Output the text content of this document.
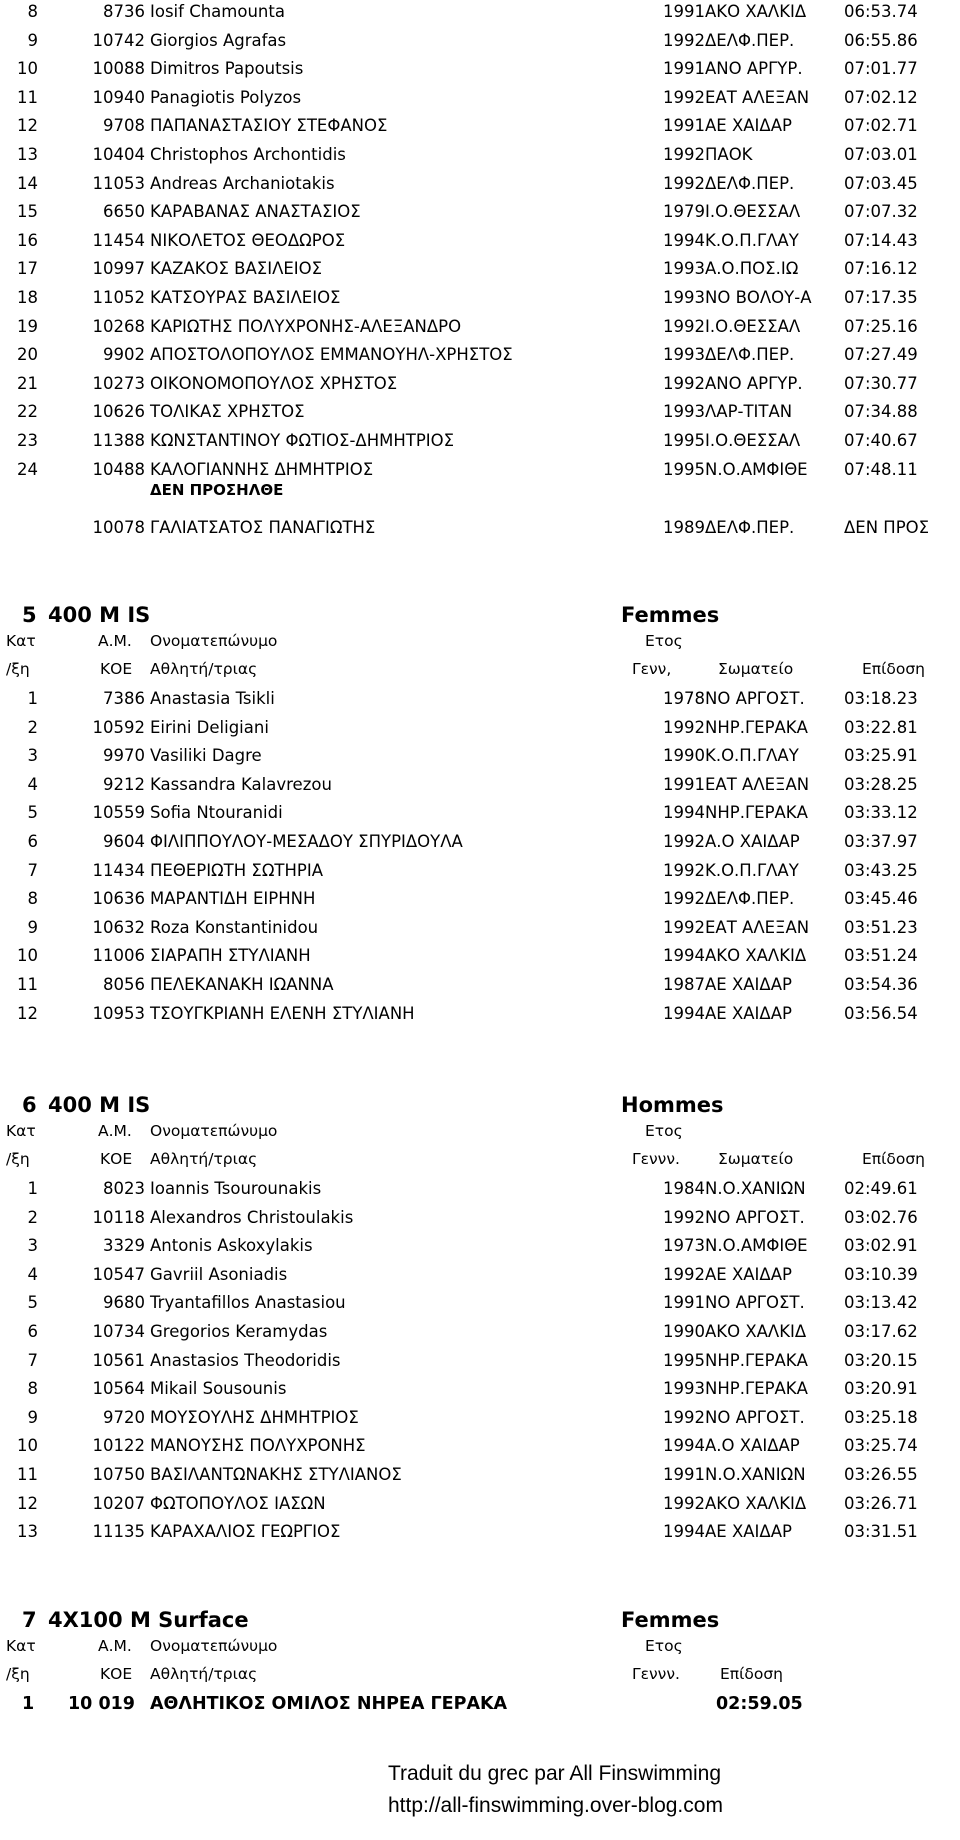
8	8736 Iosif Chamounta	1991 ΑΚΟ ΧΑΛΚΙΔ 06:53.74
9	10742 Giorgios Agrafas	1992 ΔΕΛΦ.ΠΕΡ.	06:55.86
10	10088 Dimitros Papoutsis	1991 ΑΝΟ ΑΡΓΥΡ.	07:01.77
11	10940 Panagiotis Polyzos	1992 ΕΑΤ ΑΛΕΞΑΝ 07:02.12
12	9708 ΠΑΠΑΝΑΣΤΑΣΙΟΥ ΣΤΕΦΑΝΟΣ	1991 ΑΕ ΧΑΙΔΑΡ	07:02.71
13	10404 Christophos Archontidis	1992 ΠΑΟΚ	07:03.01
14	11053 Andreas Archaniotakis	1992 ΔΕΛΦ.ΠΕΡ.	07:03.45
15	6650 ΚΑΡΑΒΑΝΑΣ ΑΝΑΣΤΑΣΙΟΣ	1979 Ι.Ο.ΘΕΣΣΑΛ	07:07.32
16	11454 ΝΙΚΟΛΕΤΟΣ ΘΕΟΔΩΡΟΣ	1994 Κ.Ο.Π.ΓΛΑΥ	07:14.43
17	10997 ΚΑΖΑΚΟΣ ΒΑΣΙΛΕΙΟΣ	1993 Α.Ο.ΠΟΣ.ΙΩ	07:16.12
18	11052 ΚΑΤΣΟΥΡΑΣ ΒΑΣΙΛΕΙΟΣ	1993 ΝΟ ΒΟΛΟΥ-Α 07:17.35
19	10268 ΚΑΡΙΩΤΗΣ ΠΟΛΥΧΡΟΝΗΣ-ΑΛΕΞΑΝΔΡΟ	1992 Ι.Ο.ΘΕΣΣΑΛ	07:25.16
20	9902 ΑΠΟΣΤΟΛΟΠΟΥΛΟΣ ΕΜΜΑΝΟΥΗΛ-ΧΡΗΣΤΟΣ	1993 ΔΕΛΦ.ΠΕΡ.	07:27.49
21	10273 ΟΙΚΟΝΟΜΟΠΟΥΛΟΣ ΧΡΗΣΤΟΣ	1992 ΑΝΟ ΑΡΓΥΡ.	07:30.77
22	10626 ΤΟΛΙΚΑΣ ΧΡΗΣΤΟΣ	1993 ΛΑΡ-ΤΙΤΑΝ	07:34.88
23	11388 ΚΩΝΣΤΑΝΤΙΝΟΥ ΦΩΤΙΟΣ-ΔΗΜΗΤΡΙΟΣ	1995 Ι.Ο.ΘΕΣΣΑΛ	07:40.67
24	10488 ΚΑΛΟΓΙΑΝΝΗΣ ΔΗΜΗΤΡΙΟΣ	1995 Ν.Ο.ΑΜΦΙΘΕ 07:48.11
ΔΕΝ ΠΡΟΣΗΛΘΕ
10078 ΓΑΛΙΑΤΣΑΤΟΣ ΠΑΝΑΓΙΩΤΗΣ	1989 ΔΕΛΦ.ΠΕΡ.	ΔΕΝ ΠΡΟΣ
5 400 M IS	Femmes
Κατ	Α.Μ. Ονοματεπώνυμο	Ετος
/ξη	ΚΟΕ Αθλητή/τριας	Γενν,	Σωματείο	Επίδοση
1	7386 Anastasia Tsikli	1978 ΝΟ ΑΡΓΟΣΤ. 03:18.23
2	10592 Eirini Deligiani	1992 ΝΗΡ.ΓΕΡΑΚΑ 03:22.81
3	9970 Vasiliki Dagre	1990 Κ.Ο.Π.ΓΛΑΥ	03:25.91
4	9212 Kassandra Kalavrezou	1991 ΕΑΤ ΑΛΕΞΑΝ 03:28.25
5	10559 Sofia Ntouranidi	1994 ΝΗΡ.ΓΕΡΑΚΑ 03:33.12
6	9604 ΦΙΛΙΠΠΟΥΛΟΥ-ΜΕΣΑΔΟΥ ΣΠΥΡΙΔΟΥΛΑ	1992 Α.Ο ΧΑΙΔΑΡ	03:37.97
7	11434 ΠΕΘΕΡΙΩΤΗ ΣΩΤΗΡΙΑ	1992 Κ.Ο.Π.ΓΛΑΥ	03:43.25
8	10636 ΜΑΡΑΝΤΙΔΗ ΕΙΡΗΝΗ	1992 ΔΕΛΦ.ΠΕΡ.	03:45.46
9	10632 Roza Konstantinidou	1992 ΕΑΤ ΑΛΕΞΑΝ 03:51.23
10	11006 ΣΙΑΡΑΠΗ ΣΤΥΛΙΑΝΗ	1994 ΑΚΟ ΧΑΛΚΙΔ 03:51.24
11	8056 ΠΕΛΕΚΑΝΑΚΗ ΙΩΑΝΝΑ	1987 ΑΕ ΧΑΙΔΑΡ	03:54.36
12	10953 ΤΣΟΥΓΚΡΙΑΝΗ ΕΛΕΝΗ ΣΤΥΛΙΑΝΗ	1994 ΑΕ ΧΑΙΔΑΡ	03:56.54
6 400 M IS	Hommes
Κατ	Α.Μ. Ονοματεπώνυμο	Ετος
/ξη	ΚΟΕ Αθλητή/τριας	Γεννν. Σωματείο	Επίδοση
1	8023 Ioannis Tsourounakis	1984 Ν.Ο.ΧΑΝΙΩΝ 02:49.61
2	10118 Alexandros Christoulakis	1992 ΝΟ ΑΡΓΟΣΤ. 03:02.76
3	3329 Antonis Askoxylakis	1973 Ν.Ο.ΑΜΦΙΘΕ 03:02.91
4	10547 Gavriil Asoniadis	1992 ΑΕ ΧΑΙΔΑΡ	03:10.39
5	9680 Tryantafillos Anastasiou	1991 ΝΟ ΑΡΓΟΣΤ. 03:13.42
6	10734 Gregorios Keramydas	1990 ΑΚΟ ΧΑΛΚΙΔ 03:17.62
7	10561 Anastasios Theodoridis	1995 ΝΗΡ.ΓΕΡΑΚΑ 03:20.15
8	10564 Mikail Sousounis	1993 ΝΗΡ.ΓΕΡΑΚΑ 03:20.91
9	9720 ΜΟΥΣΟΥΛΗΣ ΔΗΜΗΤΡΙΟΣ	1992 ΝΟ ΑΡΓΟΣΤ. 03:25.18
10	10122 ΜΑΝΟΥΣΗΣ ΠΟΛΥΧΡΟΝΗΣ	1994 Α.Ο ΧΑΙΔΑΡ	03:25.74
11	10750 ΒΑΣΙΛΑΝΤΩΝΑΚΗΣ ΣΤΥΛΙΑΝΟΣ	1991 Ν.Ο.ΧΑΝΙΩΝ 03:26.55
12	10207 ΦΩΤΟΠΟΥΛΟΣ ΙΑΣΩΝ	1992 ΑΚΟ ΧΑΛΚΙΔ 03:26.71
13	11135 ΚΑΡΑΧΑΛΙΟΣ ΓΕΩΡΓΙΟΣ	1994 ΑΕ ΧΑΙΔΑΡ	03:31.51
7 4X100 M Surface	Femmes
Κατ	Α.Μ. Ονοματεπώνυμο	Ετος
/ξη	ΚΟΕ Αθλητή/τριας	Γεννν.	Επίδοση
1 10 019 ΑΘΛΗΤΙΚΟΣ ΟΜΙΛΟΣ ΝΗΡΕΑ ΓΕΡΑΚΑ	02:59.05
Traduit du grec par All Finswimming
http://all-finswimming.over-blog.com
